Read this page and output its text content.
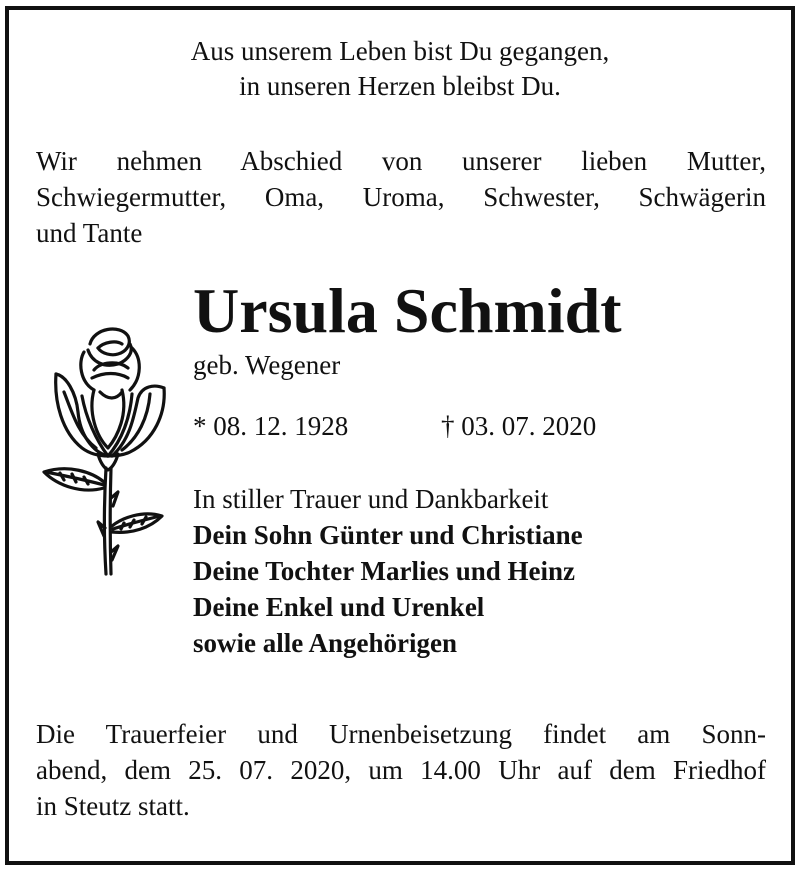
Aus unserem Leben bist Du gegangen,
in unseren Herzen bleibst Du.
Wir nehmen Abschied von unserer lieben Mutter,
Schwiegermutter, Oma, Uroma, Schwester, Schwägerin
und Tante
Ursula Schmidt
geb. Wegener
* 08. 12. 1928	† 03. 07. 2020
In stiller Trauer und Dankbarkeit
Dein Sohn Günter und Christiane
Deine Tochter Marlies und Heinz
Deine Enkel und Urenkel
sowie alle Angehörigen
Die Trauerfeier und Urnenbeisetzung findet am Sonn-
abend, dem 25. 07. 2020, um 14.00 Uhr auf dem Friedhof
in Steutz statt.
